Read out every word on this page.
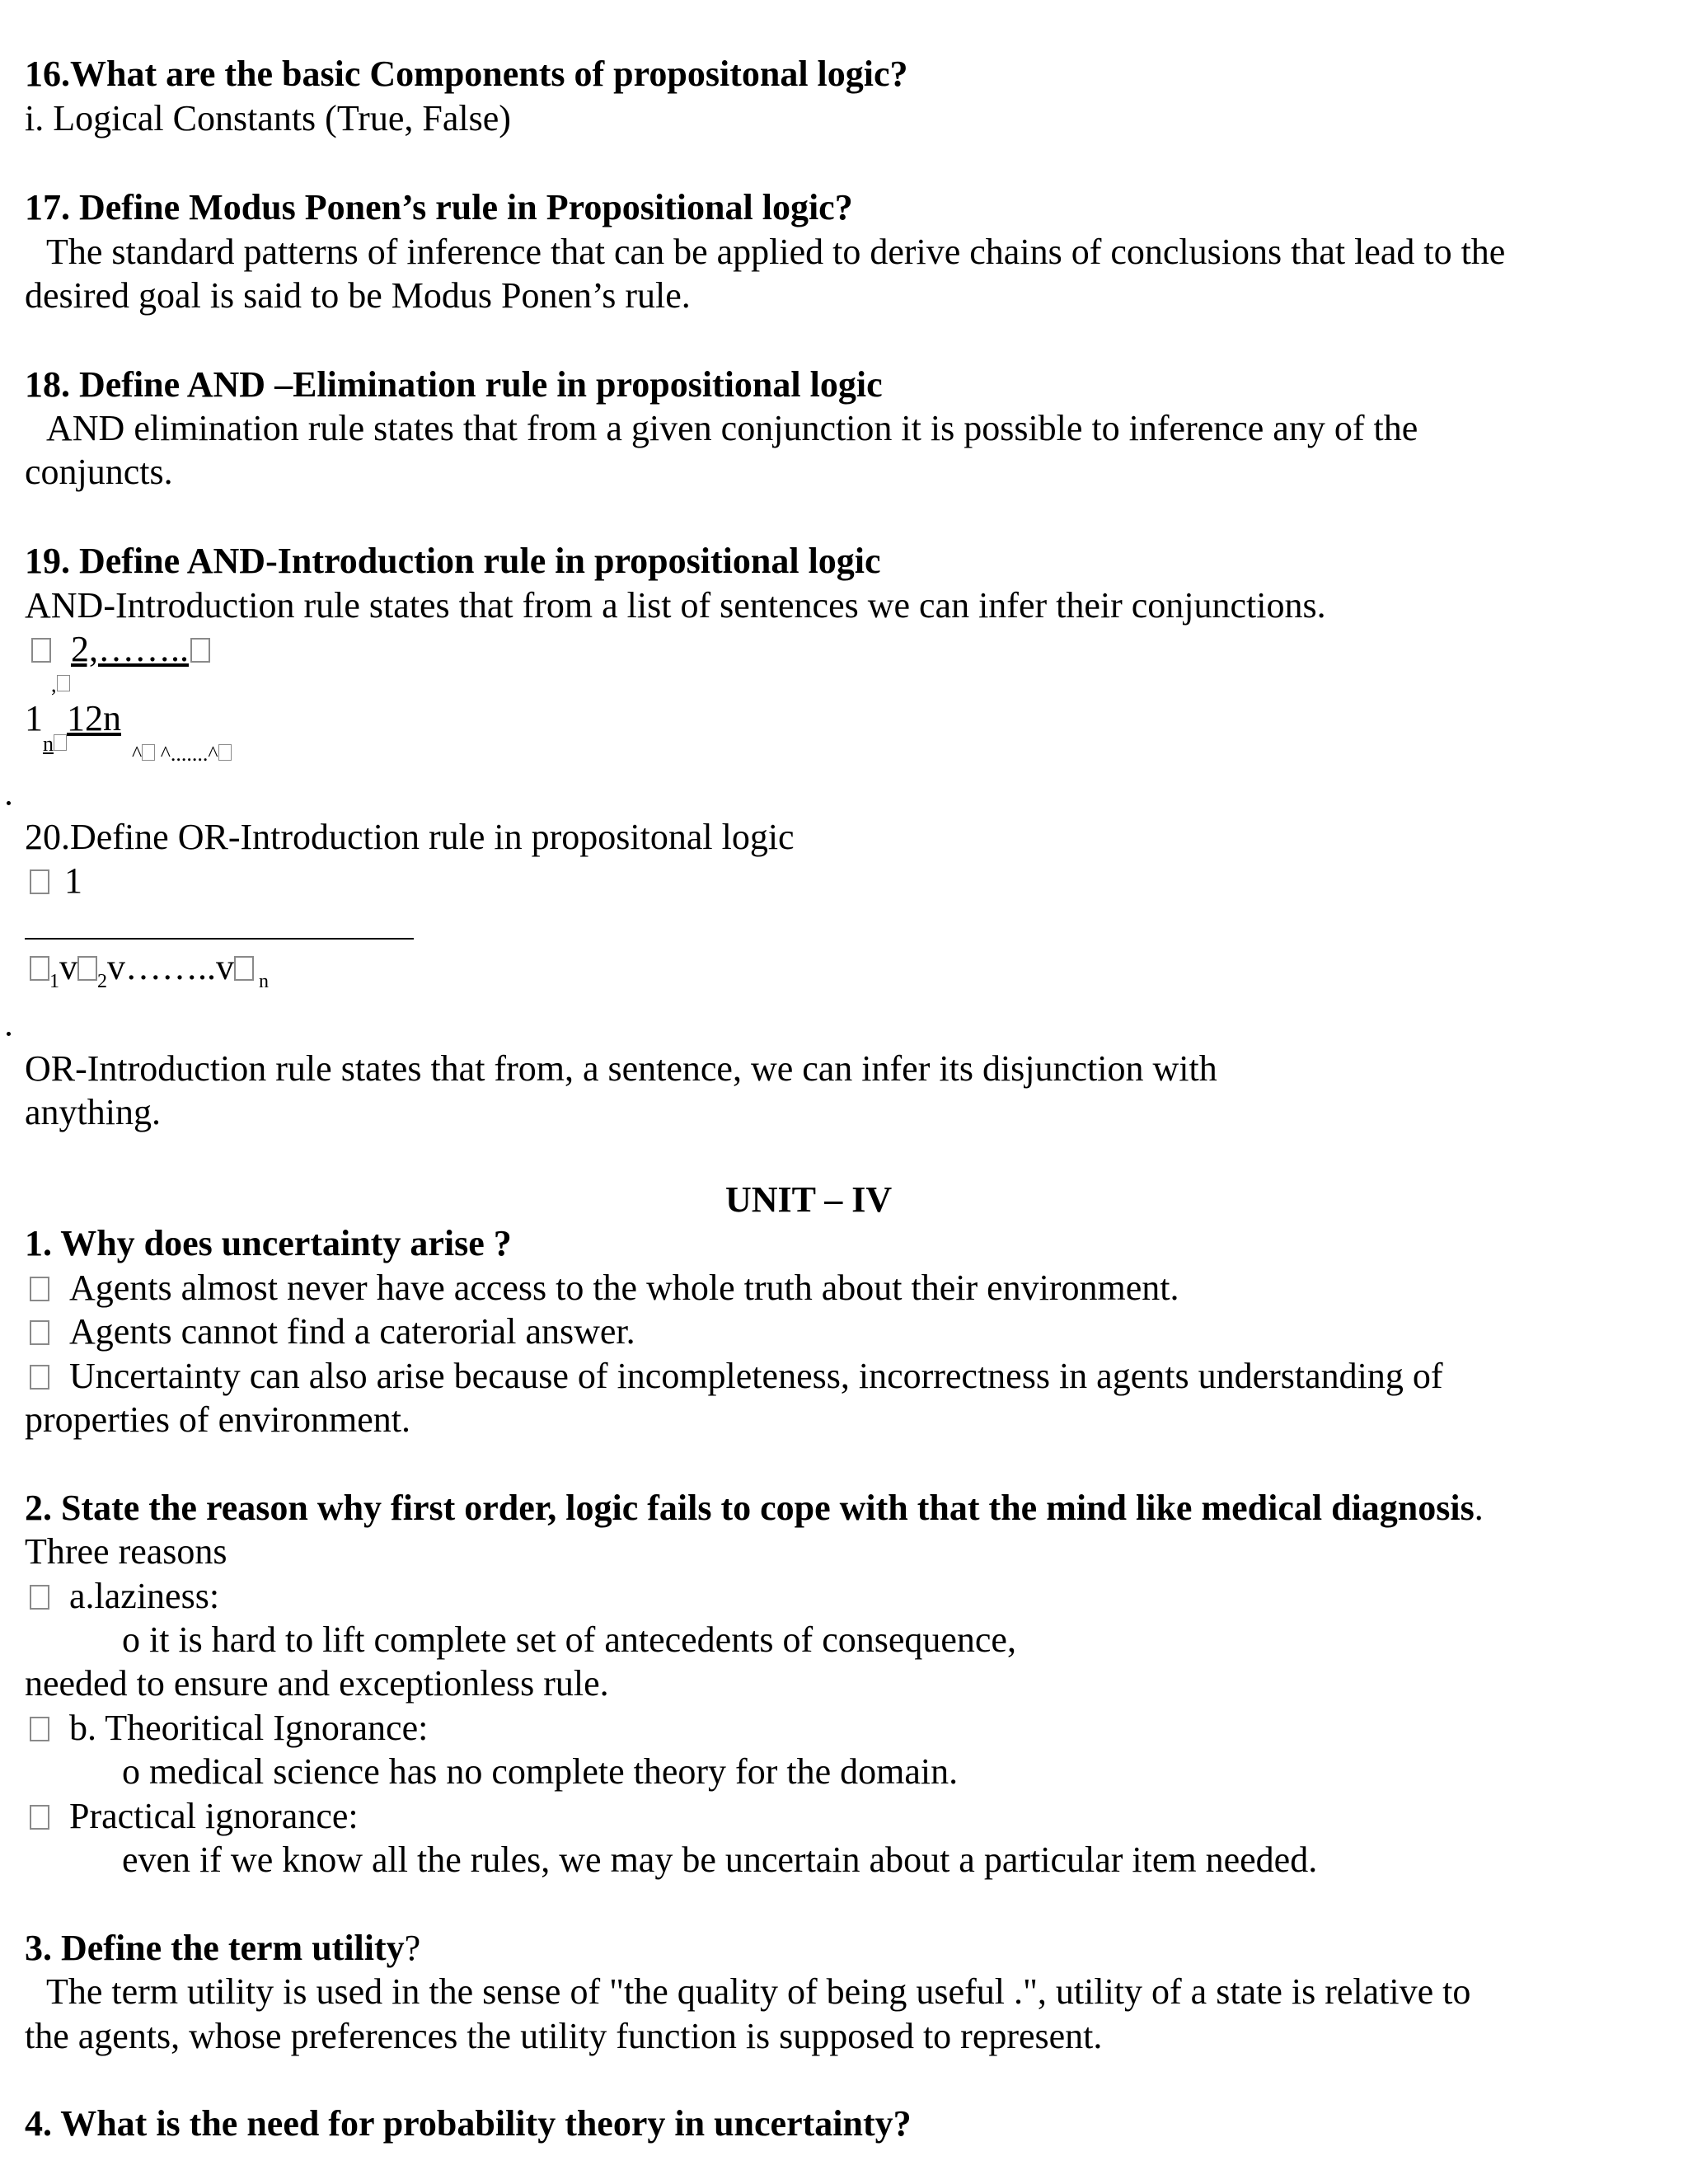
16.What are the basic Components of propositonal logic?
i. Logical Constants (True, False)
17. Define Modus Ponen’s rule in Propositional logic?
The standard patterns of inference that can be applied to derive chains of conclusions that lead to the
desired goal is said to be Modus Ponen’s rule.
18. Define AND –Elimination rule in propositional logic
AND elimination rule states that from a given conjunction it is possible to inference any of the
conjuncts.
19. Define AND-Introduction rule in propositional logic
AND-Introduction rule states that from a list of sentences we can infer their conjunctions.
2,……..
,
1 12n
n	^ ^.......^
20.Define OR-Introduction rule in propositonal logic
1
$_1$v $_2$v……..v $_n$
OR-Introduction rule states that from, a sentence, we can infer its disjunction with
anything.
UNIT – IV
1. Why does uncertainty arise ?
Agents almost never have access to the whole truth about their environment.
Agents cannot find a caterorial answer.
Uncertainty can also arise because of incompleteness, incorrectness in agents understanding of
properties of environment.
2. State the reason why first order, logic fails to cope with that the mind like medical diagnosis.
Three reasons
a.laziness:
o it is hard to lift complete set of antecedents of consequence,
needed to ensure and exceptionless rule.
b. Theoritical Ignorance:
o medical science has no complete theory for the domain.
Practical ignorance:
even if we know all the rules, we may be uncertain about a particular item needed.
3. Define the term utility?
The term utility is used in the sense of "the quality of being useful .", utility of a state is relative to
the agents, whose preferences the utility function is supposed to represent.
4. What is the need for probability theory in uncertainty?
